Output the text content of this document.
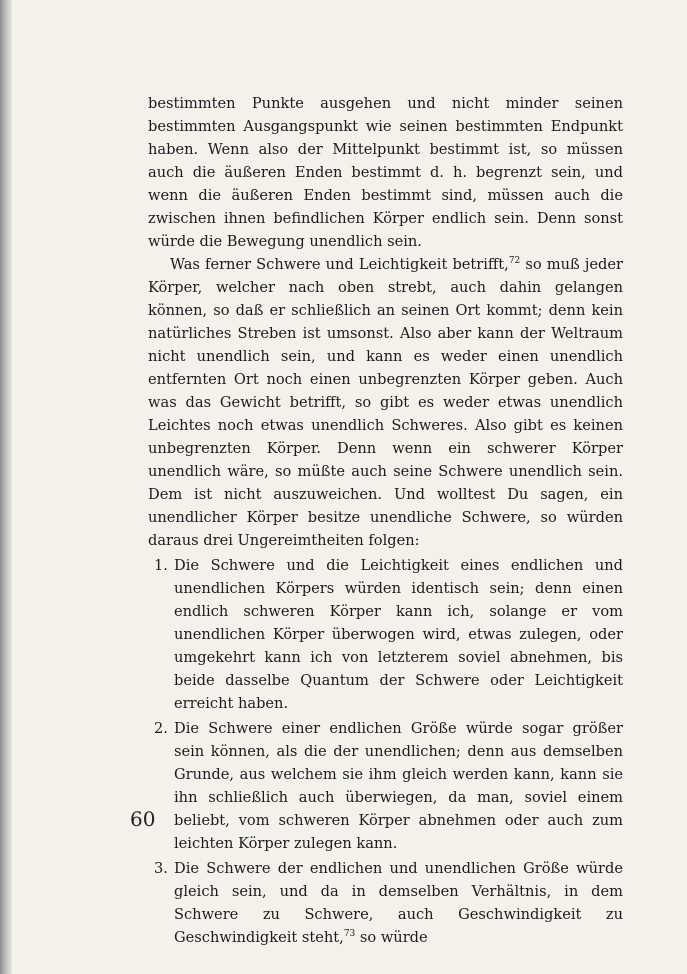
bestimmten Punkte ausgehen und nicht minder seinen bestimmten Ausgangspunkt wie seinen bestimmten Endpunkt haben. Wenn also der Mittelpunkt bestimmt ist, so müssen auch die äußeren Enden bestimmt d. h. begrenzt sein, und wenn die äußeren Enden bestimmt sind, müssen auch die zwischen ihnen befindlichen Körper endlich sein. Denn sonst würde die Bewegung unendlich sein.

Was ferner Schwere und Leichtigkeit betrifft,$^{72}$ so muß jeder Körper, welcher nach oben strebt, auch dahin gelangen können, so daß er schließlich an seinen Ort kommt; denn kein natürliches Streben ist umsonst. Also aber kann der Weltraum nicht unendlich sein, und kann es weder einen unendlich entfernten Ort noch einen unbegrenzten Körper geben. Auch was das Gewicht betrifft, so gibt es weder etwas unendlich Leichtes noch etwas unendlich Schweres. Also gibt es keinen unbegrenzten Körper. Denn wenn ein schwerer Körper unendlich wäre, so müßte auch seine Schwere unendlich sein. Dem ist nicht auszuweichen. Und wolltest Du sagen, ein unendlicher Körper besitze unendliche Schwere, so würden daraus drei Ungereimtheiten folgen:

1. Die Schwere und die Leichtigkeit eines endlichen und unendlichen Körpers würden identisch sein; denn einen endlich schweren Körper kann ich, solange er vom unendlichen Körper überwogen wird, etwas zulegen, oder umgekehrt kann ich von letzterem soviel abnehmen, bis beide dasselbe Quantum der Schwere oder Leichtigkeit erreicht haben.
2. Die Schwere einer endlichen Größe würde sogar größer sein können, als die der unendlichen; denn aus demselben Grunde, aus welchem sie ihm gleich werden kann, kann sie ihn schließlich auch überwiegen, da man, soviel einem beliebt, vom schweren Körper abnehmen oder auch zum leichten Körper zulegen kann.
3. Die Schwere der endlichen und unendlichen Größe würde gleich sein, und da in demselben Verhältnis, in dem Schwere zu Schwere, auch Geschwindigkeit zu Geschwindigkeit steht,$^{73}$ so würde
60
